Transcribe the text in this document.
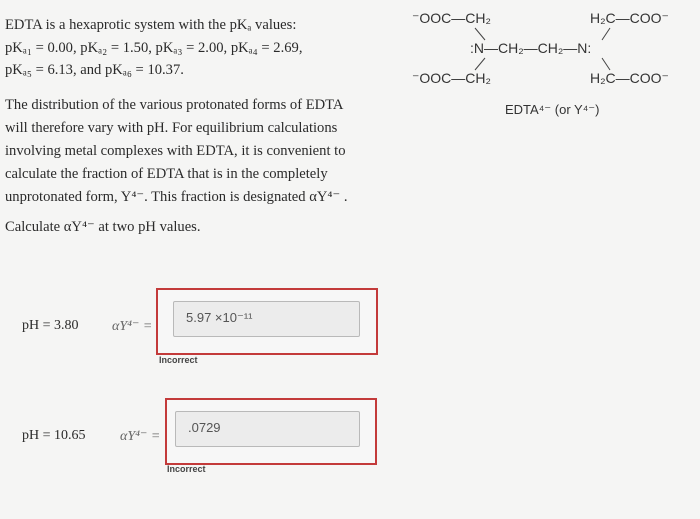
EDTA is a hexaprotic system with the pKₐ values:
pKₐ₁ = 0.00, pKₐ₂ = 1.50, pKₐ₃ = 2.00, pKₐ₄ = 2.69,
pKₐ₅ = 6.13, and pKₐ₆ = 10.37.
The distribution of the various protonated forms of EDTA
will therefore vary with pH. For equilibrium calculations
involving metal complexes with EDTA, it is convenient to
calculate the fraction of EDTA that is in the completely
unprotonated form, Y⁴⁻. This fraction is designated αY⁴⁻ .
Calculate αY⁴⁻ at two pH values.
⁻OOC—CH₂	H₂C—COO⁻
:N—CH₂—CH₂—N:
⁻OOC—CH₂	H₂C—COO⁻
EDTA⁴⁻ (or Y⁴⁻)
pH = 3.80 αY⁴⁻ =
5.97 ×10⁻¹¹
Incorrect
pH = 10.65 αY⁴⁻ =
.0729
Incorrect
